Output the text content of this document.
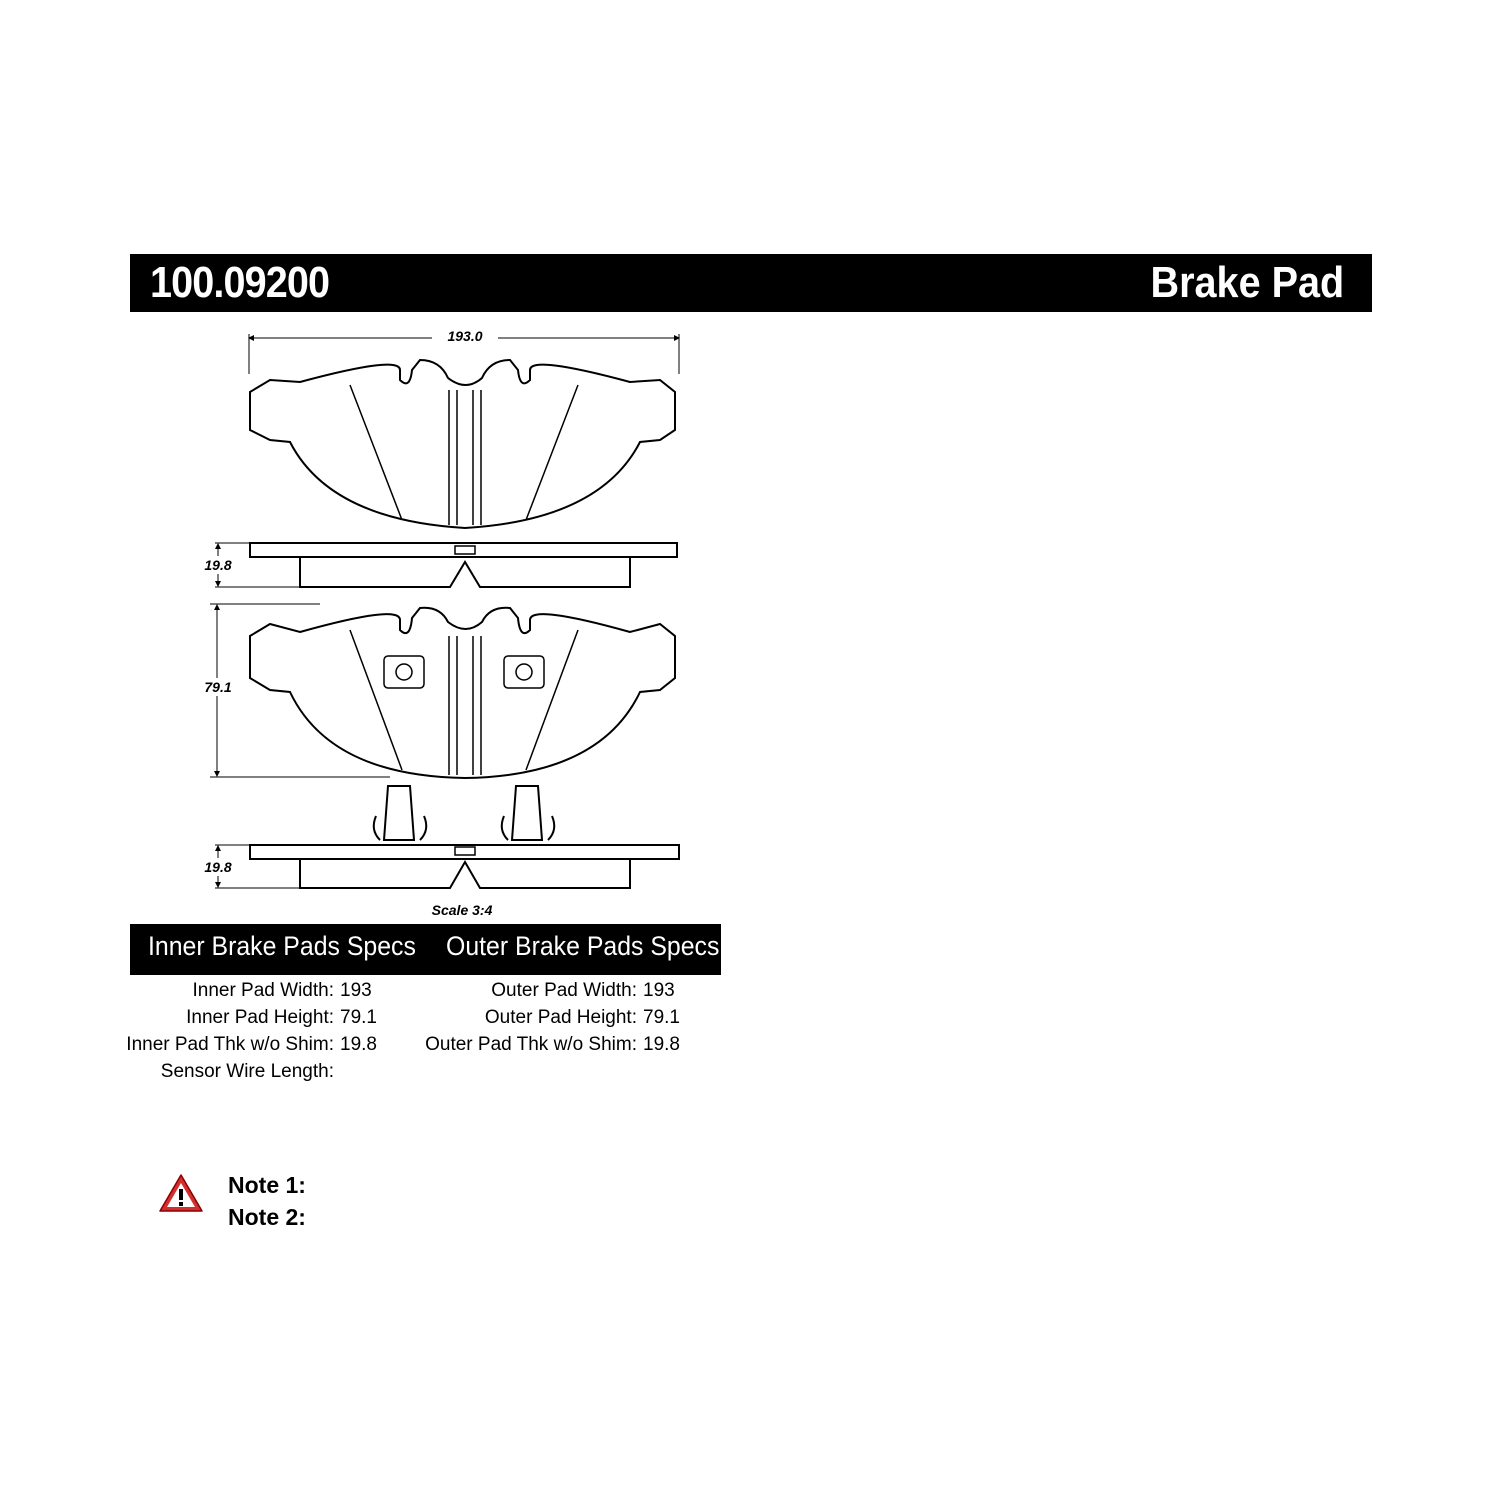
100.09200	Brake Pad
193.0
19.8
79.1
19.8
Scale 3:4
Inner Brake Pads Specs Outer Brake Pads Specs
Inner Pad Width: 193
Inner Pad Height: 79.1
Inner Pad Thk w/o Shim: 19.8
Sensor Wire Length:
Outer Pad Width: 193
Outer Pad Height: 79.1
Outer Pad Thk w/o Shim: 19.8
Note 1:
Note 2:
